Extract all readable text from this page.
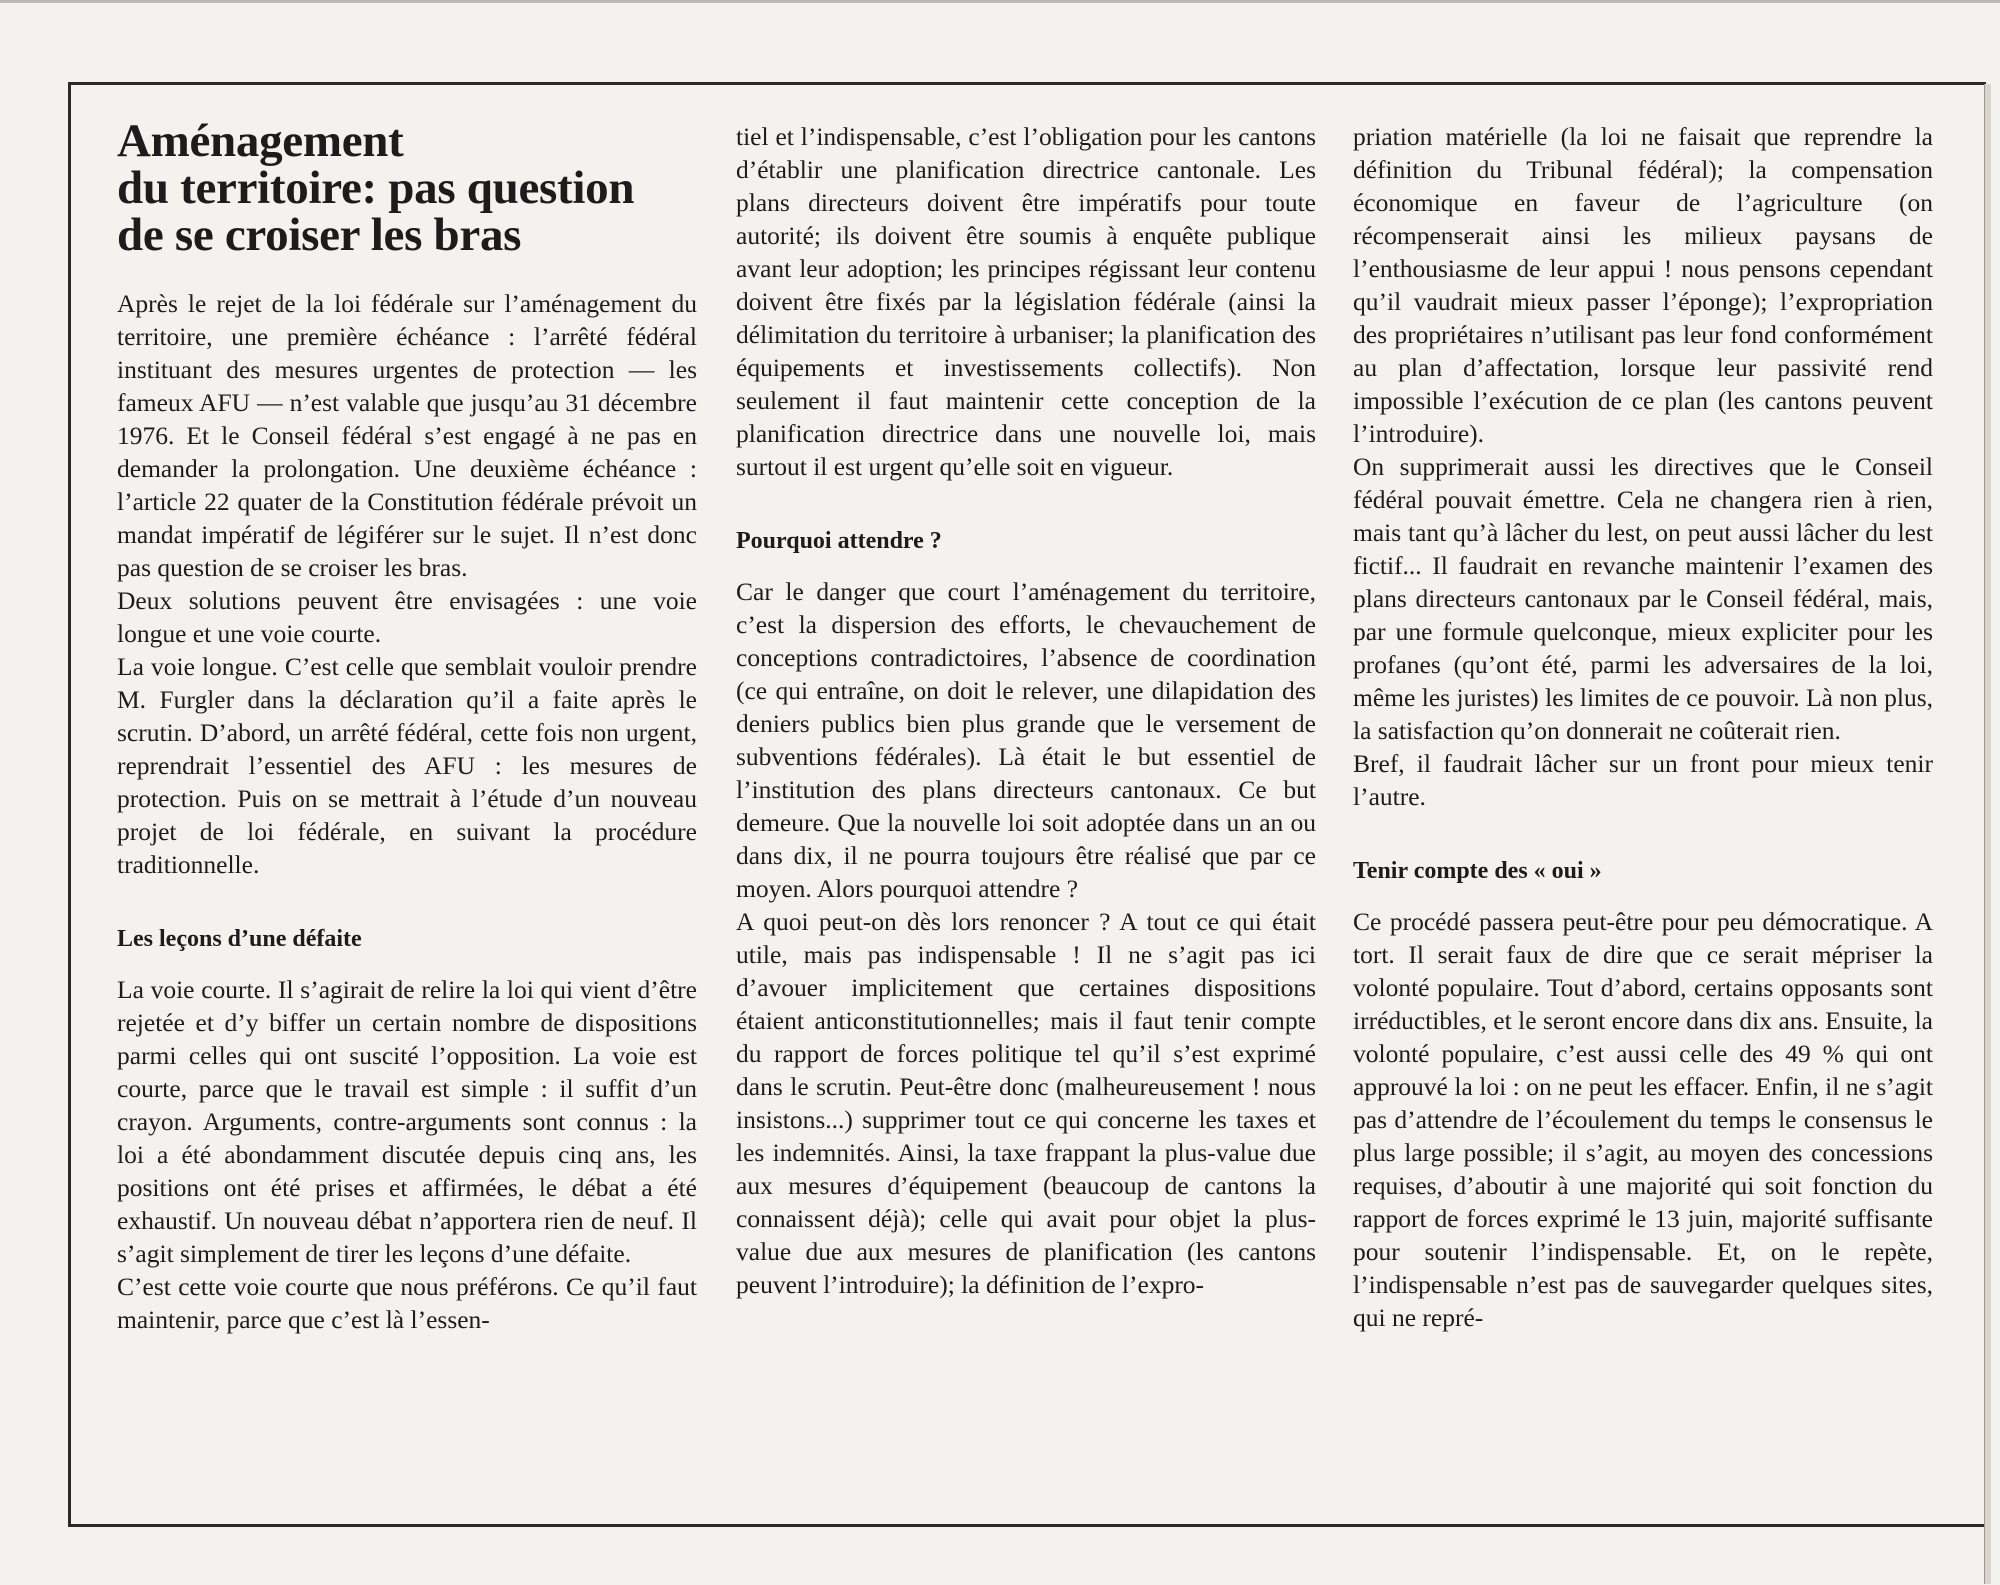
Aménagement
du territoire: pas question
de se croiser les bras

Après le rejet de la loi fédérale sur l’aménagement du territoire, une première échéance : l’arrêté fédéral instituant des mesures urgentes de protection — les fameux AFU — n’est valable que jusqu’au 31 décembre 1976. Et le Conseil fédéral s’est engagé à ne pas en demander la prolongation. Une deuxième échéance : l’article 22 quater de la Constitution fédérale prévoit un mandat impératif de légiférer sur le sujet. Il n’est donc pas question de se croiser les bras.

Deux solutions peuvent être envisagées : une voie longue et une voie courte.

La voie longue. C’est celle que semblait vouloir prendre M. Furgler dans la déclaration qu’il a faite après le scrutin. D’abord, un arrêté fédéral, cette fois non urgent, reprendrait l’essentiel des AFU : les mesures de protection. Puis on se mettrait à l’étude d’un nouveau projet de loi fédérale, en suivant la procédure traditionnelle.

Les leçons d’une défaite

La voie courte. Il s’agirait de relire la loi qui vient d’être rejetée et d’y biffer un certain nombre de dispositions parmi celles qui ont suscité l’opposition. La voie est courte, parce que le travail est simple : il suffit d’un crayon. Arguments, contre-arguments sont connus : la loi a été abondamment discutée depuis cinq ans, les positions ont été prises et affirmées, le débat a été exhaustif. Un nouveau débat n’apportera rien de neuf. Il s’agit simplement de tirer les leçons d’une défaite.

C’est cette voie courte que nous préférons. Ce qu’il faut maintenir, parce que c’est là l’essen-

tiel et l’indispensable, c’est l’obligation pour les cantons d’établir une planification directrice cantonale. Les plans directeurs doivent être impératifs pour toute autorité; ils doivent être soumis à enquête publique avant leur adoption; les principes régissant leur contenu doivent être fixés par la législation fédérale (ainsi la délimitation du territoire à urbaniser; la planification des équipements et investissements collectifs). Non seulement il faut maintenir cette conception de la planification directrice dans une nouvelle loi, mais surtout il est urgent qu’elle soit en vigueur.

Pourquoi attendre ?

Car le danger que court l’aménagement du territoire, c’est la dispersion des efforts, le chevauchement de conceptions contradictoires, l’absence de coordination (ce qui entraîne, on doit le relever, une dilapidation des deniers publics bien plus grande que le versement de subventions fédérales). Là était le but essentiel de l’institution des plans directeurs cantonaux. Ce but demeure. Que la nouvelle loi soit adoptée dans un an ou dans dix, il ne pourra toujours être réalisé que par ce moyen. Alors pourquoi attendre ?

A quoi peut-on dès lors renoncer ? A tout ce qui était utile, mais pas indispensable ! Il ne s’agit pas ici d’avouer implicitement que certaines dispositions étaient anticonstitutionnelles; mais il faut tenir compte du rapport de forces politique tel qu’il s’est exprimé dans le scrutin. Peut-être donc (malheureusement ! nous insistons...) supprimer tout ce qui concerne les taxes et les indemnités. Ainsi, la taxe frappant la plus-value due aux mesures d’équipement (beaucoup de cantons la connaissent déjà); celle qui avait pour objet la plus-value due aux mesures de planification (les cantons peuvent l’introduire); la définition de l’expro-

priation matérielle (la loi ne faisait que reprendre la définition du Tribunal fédéral); la compensation économique en faveur de l’agriculture (on récompenserait ainsi les milieux paysans de l’enthousiasme de leur appui ! nous pensons cependant qu’il vaudrait mieux passer l’éponge); l’expropriation des propriétaires n’utilisant pas leur fond conformément au plan d’affectation, lorsque leur passivité rend impossible l’exécution de ce plan (les cantons peuvent l’introduire).

On supprimerait aussi les directives que le Conseil fédéral pouvait émettre. Cela ne changera rien à rien, mais tant qu’à lâcher du lest, on peut aussi lâcher du lest fictif... Il faudrait en revanche maintenir l’examen des plans directeurs cantonaux par le Conseil fédéral, mais, par une formule quelconque, mieux expliciter pour les profanes (qu’ont été, parmi les adversaires de la loi, même les juristes) les limites de ce pouvoir. Là non plus, la satisfaction qu’on donnerait ne coûterait rien.

Bref, il faudrait lâcher sur un front pour mieux tenir l’autre.

Tenir compte des « oui »

Ce procédé passera peut-être pour peu démocratique. A tort. Il serait faux de dire que ce serait mépriser la volonté populaire. Tout d’abord, certains opposants sont irréductibles, et le seront encore dans dix ans. Ensuite, la volonté populaire, c’est aussi celle des 49 % qui ont approuvé la loi : on ne peut les effacer. Enfin, il ne s’agit pas d’attendre de l’écoulement du temps le consensus le plus large possible; il s’agit, au moyen des concessions requises, d’aboutir à une majorité qui soit fonction du rapport de forces exprimé le 13 juin, majorité suffisante pour soutenir l’indispensable. Et, on le repète, l’indispensable n’est pas de sauvegarder quelques sites, qui ne repré-
